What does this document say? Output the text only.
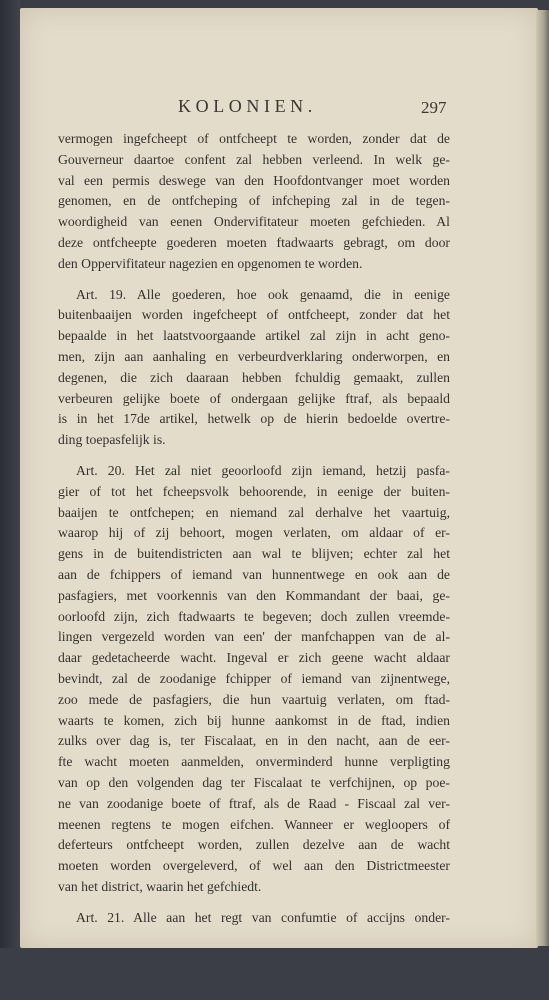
KOLONIEN.	297
vermogen ingefcheept of ontfcheept te worden, zonder dat de
Gouverneur daartoe confent zal hebben verleend. In welk ge-
val een permis deswege van den Hoofdontvanger moet worden
genomen, en de ontfcheping of infcheping zal in de tegen-
woordigheid van eenen Ondervifitateur moeten gefchieden. Al
deze ontfcheepte goederen moeten ftadwaarts gebragt, om door
den Oppervifitateur nagezien en opgenomen te worden.
Art. 19. Alle goederen, hoe ook genaamd, die in eenige
buitenbaaijen worden ingefcheept of ontfcheept, zonder dat het
bepaalde in het laatstvoorgaande artikel zal zijn in acht geno-
men, zijn aan aanhaling en verbeurdverklaring onderworpen, en
degenen, die zich daaraan hebben fchuldig gemaakt, zullen
verbeuren gelijke boete of ondergaan gelijke ftraf, als bepaald
is in het 17de artikel, hetwelk op de hierin bedoelde overtre-
ding toepasfelijk is.
Art. 20. Het zal niet geoorloofd zijn iemand, hetzij pasfa-
gier of tot het fcheepsvolk behoorende, in eenige der buiten-
baaijen te ontfchepen; en niemand zal derhalve het vaartuig,
waarop hij of zij behoort, mogen verlaten, om aldaar of er-
gens in de buitendistricten aan wal te blijven; echter zal het
aan de fchippers of iemand van hunnentwege en ook aan de
pasfagiers, met voorkennis van den Kommandant der baai, ge-
oorloofd zijn, zich ftadwaarts te begeven; doch zullen vreemde-
lingen vergezeld worden van een' der manfchappen van de al-
daar gedetacheerde wacht. Ingeval er zich geene wacht aldaar
bevindt, zal de zoodanige fchipper of iemand van zijnentwege,
zoo mede de pasfagiers, die hun vaartuig verlaten, om ftad-
waarts te komen, zich bij hunne aankomst in de ftad, indien
zulks over dag is, ter Fiscalaat, en in den nacht, aan de eer-
fte wacht moeten aanmelden, onverminderd hunne verpligting
van op den volgenden dag ter Fiscalaat te verfchijnen, op poe-
ne van zoodanige boete of ftraf, als de Raad - Fiscaal zal ver-
meenen regtens te mogen eifchen. Wanneer er wegloopers of
deferteurs ontfcheept worden, zullen dezelve aan de wacht
moeten worden overgeleverd, of wel aan den Districtmeester
van het district, waarin het gefchiedt.
Art. 21. Alle aan het regt van confumtie of accijns onder-
